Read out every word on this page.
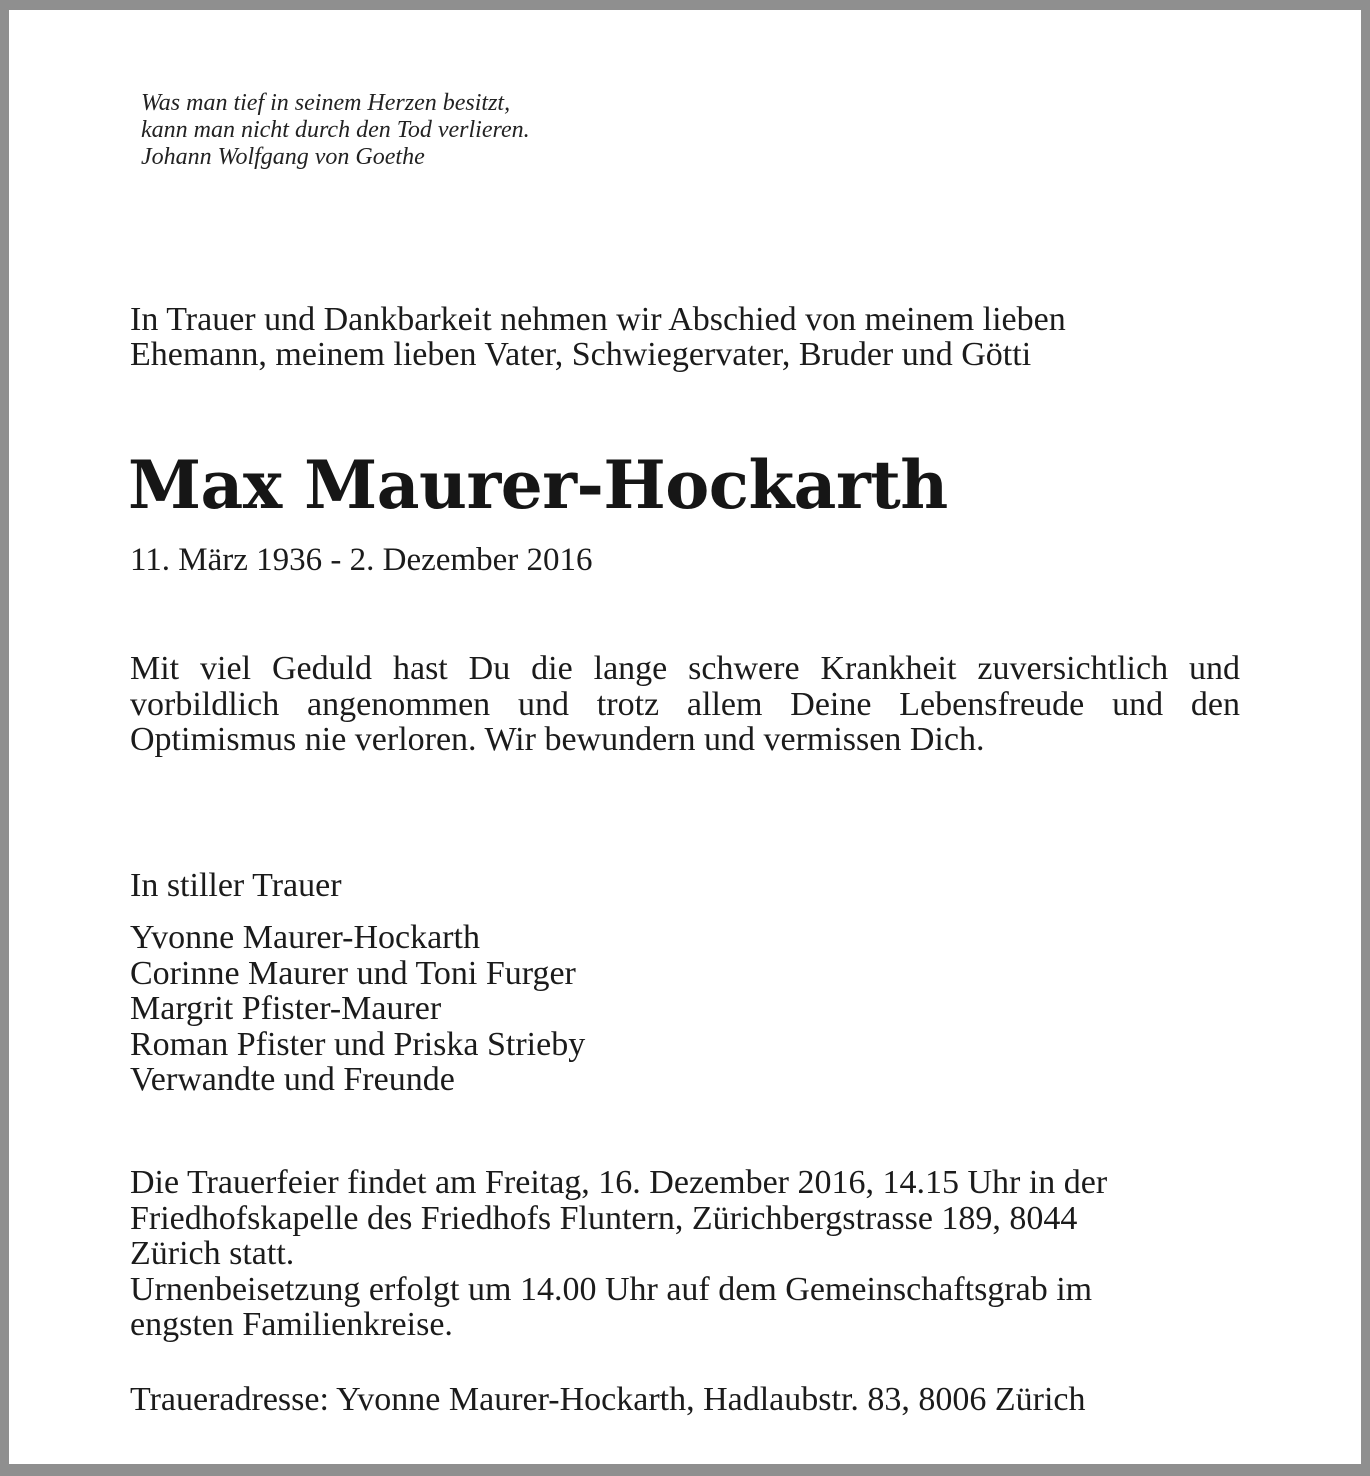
Was man tief in seinem Herzen besitzt,
kann man nicht durch den Tod verlieren.
Johann Wolfgang von Goethe
In Trauer und Dankbarkeit nehmen wir Abschied von meinem lieben
Ehemann, meinem lieben Vater, Schwiegervater, Bruder und Götti
Max Maurer-Hockarth
11. März 1936 - 2. Dezember 2016
Mit viel Geduld hast Du die lange schwere Krankheit zuversichtlich und vorbildlich angenommen und trotz allem Deine Lebensfreude und den Optimismus nie verloren. Wir bewundern und vermissen Dich.
In stiller Trauer
Yvonne Maurer-Hockarth
Corinne Maurer und Toni Furger
Margrit Pfister-Maurer
Roman Pfister und Priska Strieby
Verwandte und Freunde
Die Trauerfeier findet am Freitag, 16. Dezember 2016, 14.15 Uhr in der
Friedhofskapelle des Friedhofs Fluntern, Zürichbergstrasse 189, 8044
Zürich statt.
Urnenbeisetzung erfolgt um 14.00 Uhr auf dem Gemeinschaftsgrab im
engsten Familienkreise.
Traueradresse: Yvonne Maurer-Hockarth, Hadlaubstr. 83, 8006 Zürich
